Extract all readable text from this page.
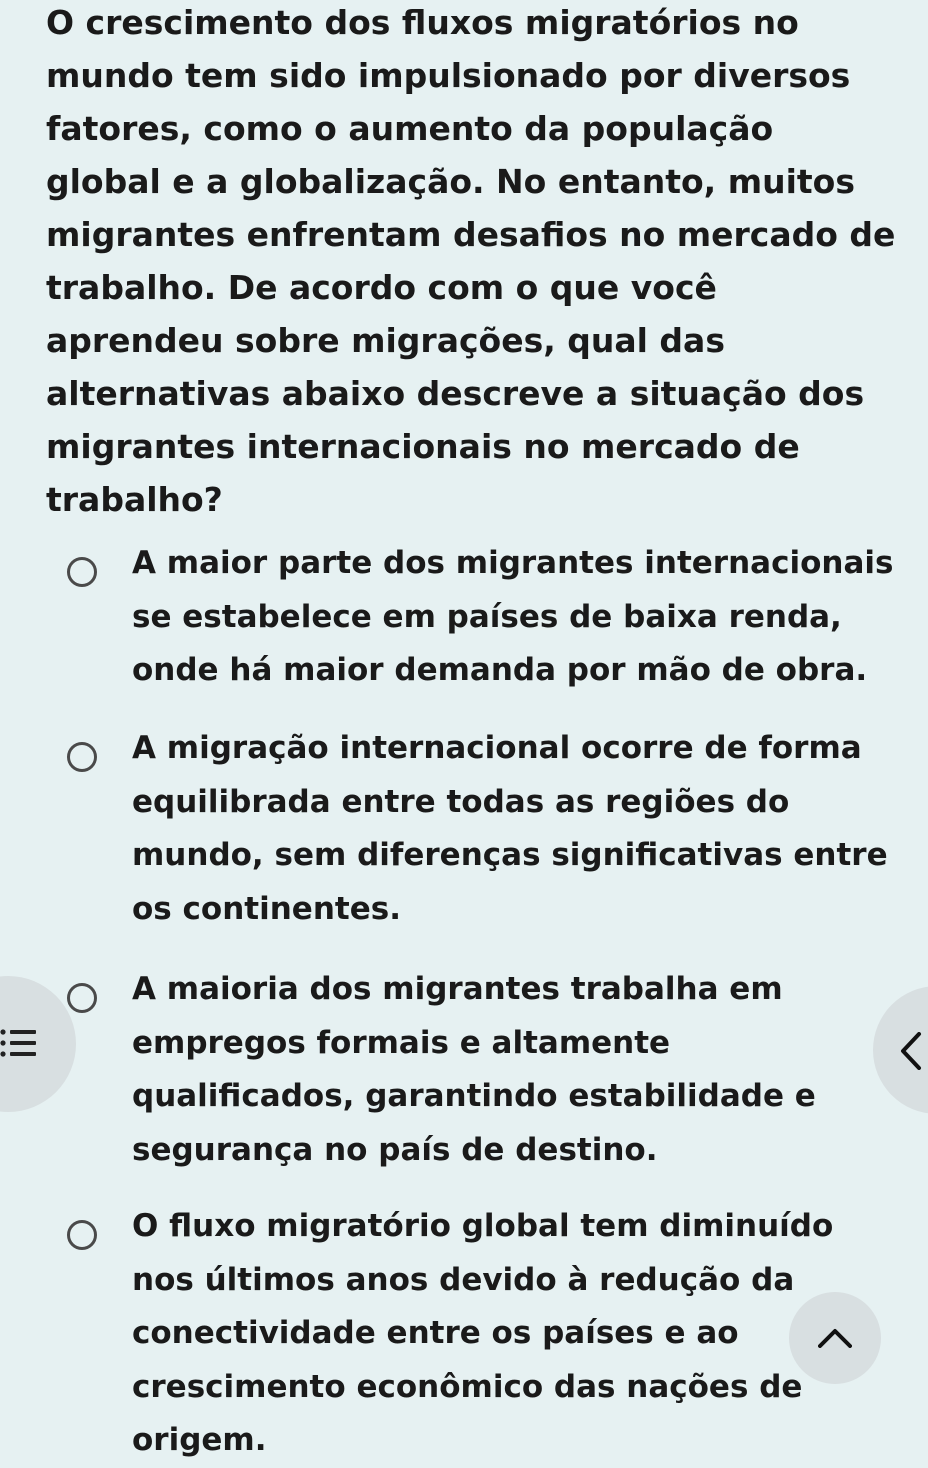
O crescimento dos fluxos migratórios no mundo tem sido impulsionado por diversos fatores, como o aumento da população global e a globalização. No entanto, muitos migrantes enfrentam desafios no mercado de trabalho. De acordo com o que você aprendeu sobre migrações, qual das alternativas abaixo descreve a situação dos migrantes internacionais no mercado de trabalho?

A maior parte dos migrantes internacionais se estabelece em países de baixa renda, onde há maior demanda por mão de obra.
A migração internacional ocorre de forma equilibrada entre todas as regiões do mundo, sem diferenças significativas entre os continentes.
A maioria dos migrantes trabalha em empregos formais e altamente qualificados, garantindo estabilidade e segurança no país de destino.
O fluxo migratório global tem diminuído nos últimos anos devido à redução da conectividade entre os países e ao crescimento econômico das nações de origem.
